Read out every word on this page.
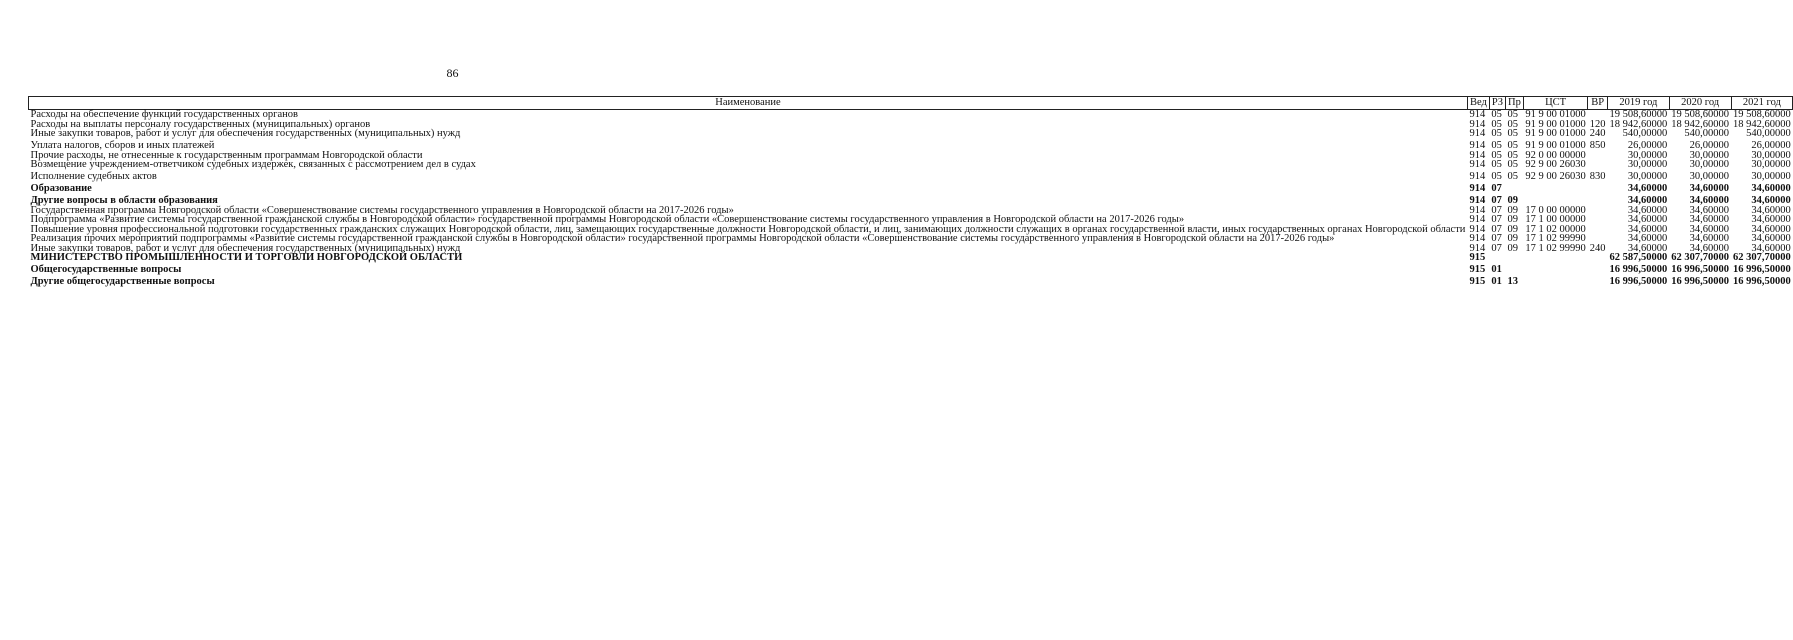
86
Наименование	Вед	РЗ	Пр	ЦСТ	ВР	2019 год	2020 год	2021 год
Расходы на обеспечение функций государственных органов	914	05	05	91 9 00 01000		19 508,60000	19 508,60000	19 508,60000
Расходы на выплаты персоналу государственных (муниципальных) органов	914	05	05	91 9 00 01000	120	18 942,60000	18 942,60000	18 942,60000
Иные закупки товаров, работ и услуг для обеспечения государственных (муниципальных) нужд	914	05	05	91 9 00 01000	240	540,00000	540,00000	540,00000
Уплата налогов, сборов и иных платежей	914	05	05	91 9 00 01000	850	26,00000	26,00000	26,00000
Прочие расходы, не отнесенные к государственным программам Новгородской области	914	05	05	92 0 00 00000		30,00000	30,00000	30,00000
Возмещение учреждением-ответчиком судебных издержек, связанных с рассмотрением дел в судах	914	05	05	92 9 00 26030		30,00000	30,00000	30,00000
Исполнение судебных актов	914	05	05	92 9 00 26030	830	30,00000	30,00000	30,00000
Образование	914	07				34,60000	34,60000	34,60000
Другие вопросы в области образования	914	07	09			34,60000	34,60000	34,60000
Государственная программа Новгородской области «Совершенствование системы государственного управления в Новгородской области на 2017-2026 годы»	914	07	09	17 0 00 00000		34,60000	34,60000	34,60000
Подпрограмма «Развитие системы государственной гражданской службы в Новгородской области» государственной программы Новгородской области «Совершенствование системы государственного управления в Новгородской области на 2017-2026 годы»	914	07	09	17 1 00 00000		34,60000	34,60000	34,60000
Повышение уровня профессиональной подготовки государственных гражданских служащих Новгородской области, лиц, замещающих государственные должности Новгородской области, и лиц, занимающих должности служащих в органах государственной власти, иных государственных органах Новгородской области	914	07	09	17 1 02 00000		34,60000	34,60000	34,60000
Реализация прочих мероприятий подпрограммы «Развитие системы государственной гражданской службы в Новгородской области» государственной программы Новгородской области «Совершенствование системы государственного управления в Новгородской области на 2017-2026 годы»	914	07	09	17 1 02 99990		34,60000	34,60000	34,60000
Иные закупки товаров, работ и услуг для обеспечения государственных (муниципальных) нужд	914	07	09	17 1 02 99990	240	34,60000	34,60000	34,60000
МИНИСТЕРСТВО ПРОМЫШЛЕННОСТИ И ТОРГОВЛИ НОВГОРОДСКОЙ ОБЛАСТИ	915					62 587,50000	62 307,70000	62 307,70000
Общегосударственные вопросы	915	01				16 996,50000	16 996,50000	16 996,50000
Другие общегосударственные вопросы	915	01	13			16 996,50000	16 996,50000	16 996,50000
